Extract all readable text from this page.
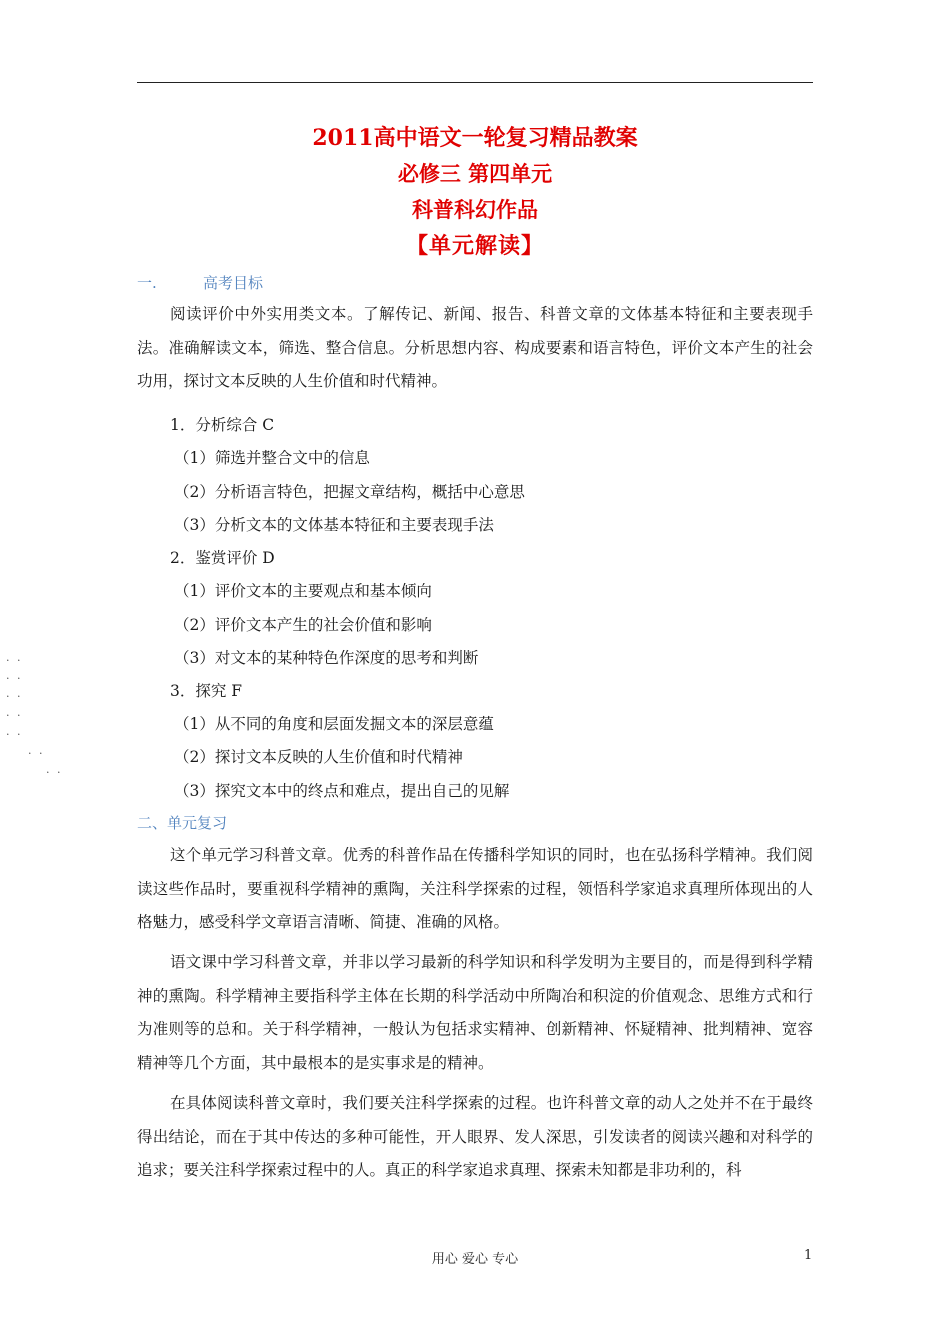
2011高中语文一轮复习精品教案
必修三 第四单元
科普科幻作品
【单元解读】
一.	高考目标
阅读评价中外实用类文本。了解传记、新闻、报告、科普文章的文体基本特征和主要表现手法。准确解读文本，筛选、整合信息。分析思想内容、构成要素和语言特色，评价文本产生的社会功用，探讨文本反映的人生价值和时代精神。
1．分析综合 C
（1）筛选并整合文中的信息
（2）分析语言特色，把握文章结构，概括中心意思
（3）分析文本的文体基本特征和主要表现手法
2．鉴赏评价 D
（1）评价文本的主要观点和基本倾向
（2）评价文本产生的社会价值和影响
（3）对文本的某种特色作深度的思考和判断
3．探究 F
（1）从不同的角度和层面发掘文本的深层意蕴
（2）探讨文本反映的人生价值和时代精神
（3）探究文本中的终点和难点，提出自己的见解
. .
. .
. .
. .
. .
. .
. .
二、单元复习
这个单元学习科普文章。优秀的科普作品在传播科学知识的同时，也在弘扬科学精神。我们阅读这些作品时，要重视科学精神的熏陶，关注科学探索的过程，领悟科学家追求真理所体现出的人格魅力，感受科学文章语言清晰、简捷、准确的风格。
语文课中学习科普文章，并非以学习最新的科学知识和科学发明为主要目的，而是得到科学精神的熏陶。科学精神主要指科学主体在长期的科学活动中所陶冶和积淀的价值观念、思维方式和行为准则等的总和。关于科学精神，一般认为包括求实精神、创新精神、怀疑精神、批判精神、宽容精神等几个方面，其中最根本的是实事求是的精神。
在具体阅读科普文章时，我们要关注科学探索的过程。也许科普文章的动人之处并不在于最终得出结论，而在于其中传达的多种可能性，开人眼界、发人深思，引发读者的阅读兴趣和对科学的追求；要关注科学探索过程中的人。真正的科学家追求真理、探索未知都是非功利的，科
用心 爱心 专心	1
